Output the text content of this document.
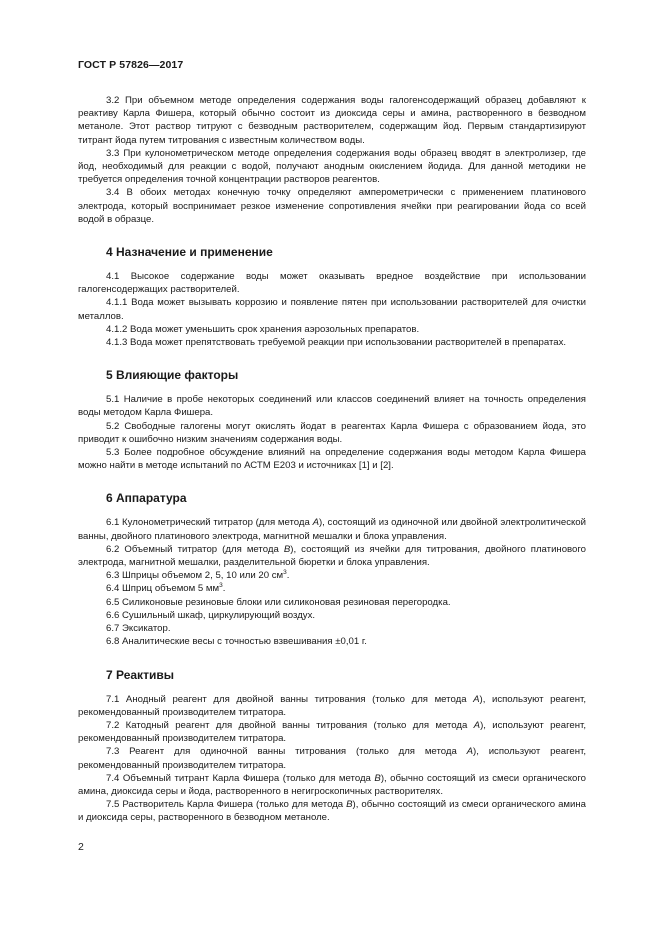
ГОСТ Р 57826—2017

3.2 При объемном методе определения содержания воды галогенсодержащий образец добавляют к реактиву Карла Фишера, который обычно состоит из диоксида серы и амина, растворенного в безводном метаноле. Этот раствор титруют с безводным растворителем, содержащим йод. Первым стандартизируют титрант йода путем титрования с известным количеством воды.

3.3 При кулонометрическом методе определения содержания воды образец вводят в электролизер, где йод, необходимый для реакции с водой, получают анодным окислением йодида. Для данной методики не требуется определения точной концентрации растворов реагентов.

3.4 В обоих методах конечную точку определяют амперометрически с применением платинового электрода, который воспринимает резкое изменение сопротивления ячейки при реагировании йода со всей водой в образце.

4 Назначение и применение

4.1 Высокое содержание воды может оказывать вредное воздействие при использовании галогенсодержащих растворителей.

4.1.1 Вода может вызывать коррозию и появление пятен при использовании растворителей для очистки металлов.

4.1.2 Вода может уменьшить срок хранения аэрозольных препаратов.

4.1.3 Вода может препятствовать требуемой реакции при использовании растворителей в препаратах.

5 Влияющие факторы

5.1 Наличие в пробе некоторых соединений или классов соединений влияет на точность определения воды методом Карла Фишера.

5.2 Свободные галогены могут окислять йодат в реагентах Карла Фишера с образованием йода, это приводит к ошибочно низким значениям содержания воды.

5.3 Более подробное обсуждение влияний на определение содержания воды методом Карла Фишера можно найти в методе испытаний по АСТМ Е203 и источниках [1] и [2].

6 Аппаратура

6.1 Кулонометрический титратор (для метода А), состоящий из одиночной или двойной электролитической ванны, двойного платинового электрода, магнитной мешалки и блока управления.

6.2 Объемный титратор (для метода В), состоящий из ячейки для титрования, двойного платинового электрода, магнитной мешалки, разделительной бюретки и блока управления.

6.3 Шприцы объемом 2, 5, 10 или 20 $см^3$.

6.4 Шприц объемом 5 $мм^3$.

6.5 Силиконовые резиновые блоки или силиконовая резиновая перегородка.

6.6 Сушильный шкаф, циркулирующий воздух.

6.7 Эксикатор.

6.8 Аналитические весы с точностью взвешивания ±0,01 г.

7 Реактивы

7.1 Анодный реагент для двойной ванны титрования (только для метода А), используют реагент, рекомендованный производителем титратора.

7.2 Катодный реагент для двойной ванны титрования (только для метода А), используют реагент, рекомендованный производителем титратора.

7.3 Реагент для одиночной ванны титрования (только для метода А), используют реагент, рекомендованный производителем титратора.

7.4 Объемный титрант Карла Фишера (только для метода В), обычно состоящий из смеси органического амина, диоксида серы и йода, растворенного в негигроскопичных растворителях.

7.5 Растворитель Карла Фишера (только для метода В), обычно состоящий из смеси органического амина и диоксида серы, растворенного в безводном метаноле.

2
